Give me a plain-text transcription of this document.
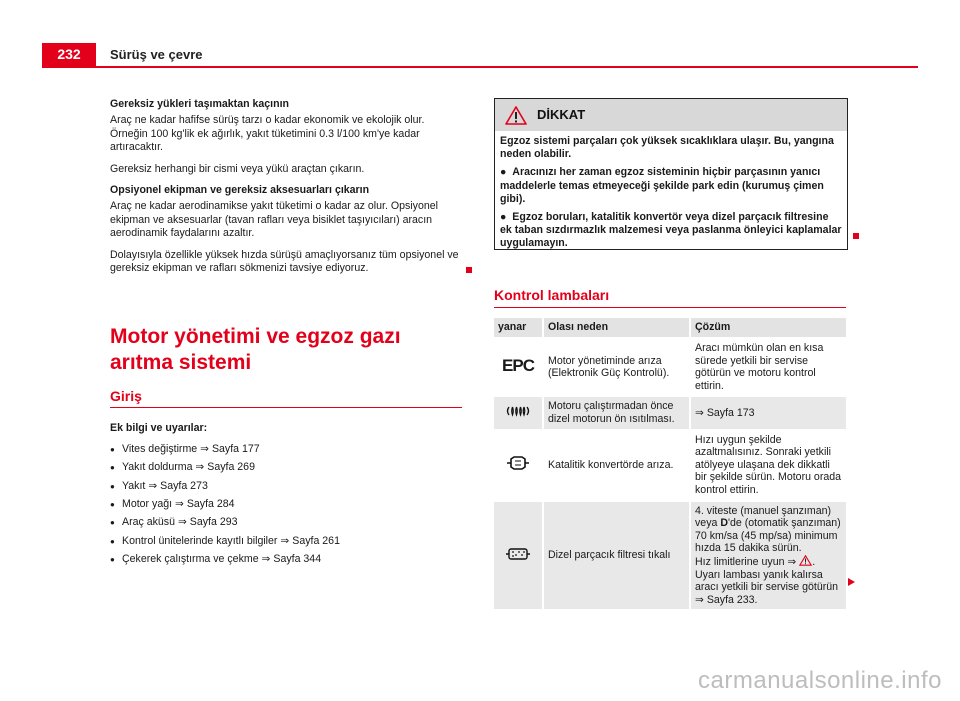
232	Sürüş ve çevre

Gereksiz yükleri taşımaktan kaçının

Araç ne kadar hafifse sürüş tarzı o kadar ekonomik ve ekolojik olur. Örneğin 100 kg'lik ek ağırlık, yakıt tüketimini 0.3 l/100 km'ye kadar artıracaktır.

Gereksiz herhangi bir cismi veya yükü araçtan çıkarın.

Opsiyonel ekipman ve gereksiz aksesuarları çıkarın

Araç ne kadar aerodinamikse yakıt tüketimi o kadar az olur. Opsiyonel ekipman ve aksesuarlar (tavan rafları veya bisiklet taşıyıcıları) aracın aerodinamik faydalarını azaltır.

Dolayısıyla özellikle yüksek hızda sürüşü amaçlıyorsanız tüm opsiyonel ve gereksiz ekipman ve rafları sökmenizi tavsiye ediyoruz.

Motor yönetimi ve egzoz gazı arıtma sistemi
Giriş

Ek bilgi ve uyarılar:

● Vites değiştirme ⇒ Sayfa 177
● Yakıt doldurma ⇒ Sayfa 269
● Yakıt ⇒ Sayfa 273
● Motor yağı ⇒ Sayfa 284
● Araç aküsü ⇒ Sayfa 293
● Kontrol ünitelerinde kayıtlı bilgiler ⇒ Sayfa 261
● Çekerek çalıştırma ve çekme ⇒ Sayfa 344
DİKKAT

Egzoz sistemi parçaları çok yüksek sıcaklıklara ulaşır. Bu, yangına neden olabilir.

●  Aracınızı her zaman egzoz sisteminin hiçbir parçasının yanıcı maddelerle temas etmeyeceği şekilde park edin (kurumuş çimen gibi).

●  Egzoz boruları, katalitik konvertör veya dizel parçacık filtresine ek taban sızdırmazlık malzemesi veya paslanma önleyici kaplamalar uygulamayın.

Kontrol lambaları
yanar	Olası neden	Çözüm
EPC	Motor yönetiminde arıza (Elektronik Güç Kontrolü).	Aracı mümkün olan en kısa sürede yetkili bir servise götürün ve motoru kontrol ettirin.
	Motoru çalıştırmadan önce dizel motorun ön ısıtılması.	⇒ Sayfa 173
	Katalitik konvertörde arıza.	Hızı uygun şekilde azaltmalısınız. Sonraki yetkili atölyeye ulaşana dek dikkatli bir şekilde sürün. Motoru orada kontrol ettirin.
	Dizel parçacık filtresi tıkalı	4. viteste (manuel şanzıman) veya D'de (otomatik şanzıman) 70 km/sa (45 mp/sa) minimum hızda 15 dakika sürün.
Hız limitlerine uyun ⇒ .
Uyarı lambası yanık kalırsa aracı yetkili bir servise götürün ⇒ Sayfa 233.
carmanualsonline.info
